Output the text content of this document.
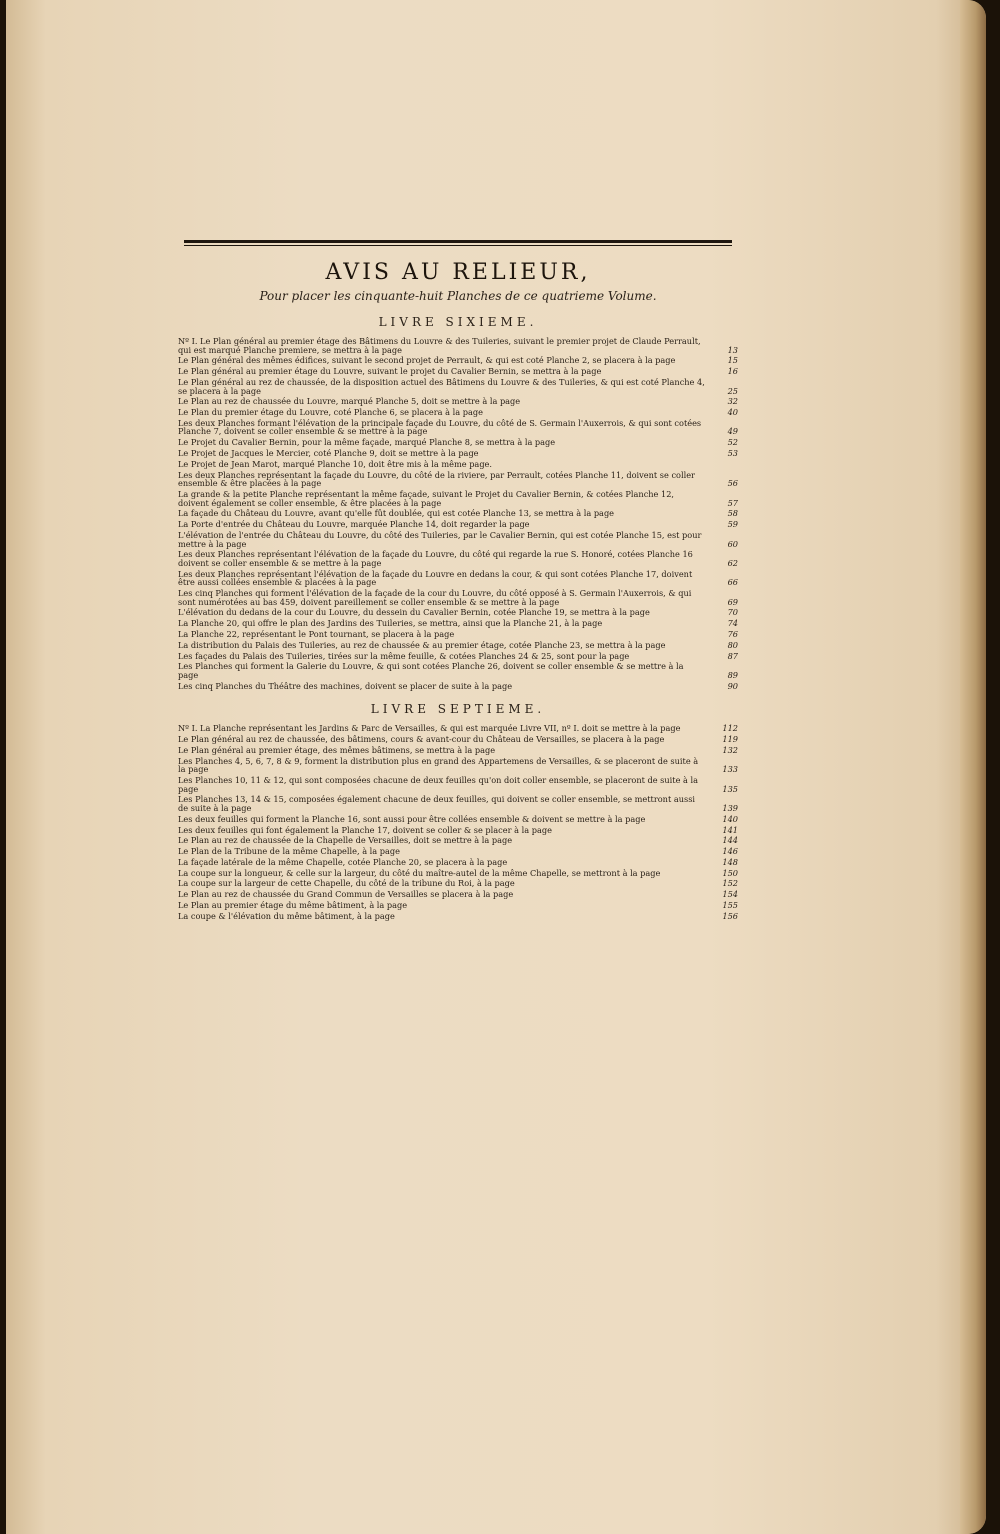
AVIS AU RELIEUR,
Pour placer les cinquante-huit Planches de ce quatrieme Volume.
LIVRE SIXIEME.
Nº I. Le Plan général au premier étage des Bâtimens du Louvre & des Tuileries, suivant le premier projet de Claude Perrault, qui est marqué Planche premiere, se mettra à la page	13
Le Plan général des mêmes édifices, suivant le second projet de Perrault, & qui est coté Planche 2, se placera à la page	15
Le Plan général au premier étage du Louvre, suivant le projet du Cavalier Bernin, se mettra à la page	16
Le Plan général au rez de chaussée, de la disposition actuel des Bâtimens du Louvre & des Tuileries, & qui est coté Planche 4, se placera à la page	25
Le Plan au rez de chaussée du Louvre, marqué Planche 5, doit se mettre à la page	32
Le Plan du premier étage du Louvre, coté Planche 6, se placera à la page	40
Les deux Planches formant l'élévation de la principale façade du Louvre, du côté de S. Germain l'Auxerrois, & qui sont cotées Planche 7, doivent se coller ensemble & se mettre à la page	49
Le Projet du Cavalier Bernin, pour la même façade, marqué Planche 8, se mettra à la page	52
Le Projet de Jacques le Mercier, coté Planche 9, doit se mettre à la page	53
Le Projet de Jean Marot, marqué Planche 10, doit être mis à la même page.
Les deux Planches représentant la façade du Louvre, du côté de la riviere, par Perrault, cotées Planche 11, doivent se coller ensemble & être placées à la page	56
La grande & la petite Planche représentant la même façade, suivant le Projet du Cavalier Bernin, & cotées Planche 12, doivent également se coller ensemble, & être placées à la page	57
La façade du Château du Louvre, avant qu'elle fût doublée, qui est cotée Planche 13, se mettra à la page	58
La Porte d'entrée du Château du Louvre, marquée Planche 14, doit regarder la page	59
L'élévation de l'entrée du Château du Louvre, du côté des Tuileries, par le Cavalier Bernin, qui est cotée Planche 15, est pour mettre à la page	60
Les deux Planches représentant l'élévation de la façade du Louvre, du côté qui regarde la rue S. Honoré, cotées Planche 16 doivent se coller ensemble & se mettre à la page	62
Les deux Planches représentant l'élévation de la façade du Louvre en dedans la cour, & qui sont cotées Planche 17, doivent être aussi collées ensemble & placées à la page	66
Les cinq Planches qui forment l'élévation de la façade de la cour du Louvre, du côté opposé à S. Germain l'Auxerrois, & qui sont numérotées au bas 459, doivent pareillement se coller ensemble & se mettre à la page	69
L'élévation du dedans de la cour du Louvre, du dessein du Cavalier Bernin, cotée Planche 19, se mettra à la page	70
La Planche 20, qui offre le plan des Jardins des Tuileries, se mettra, ainsi que la Planche 21, à la page	74
La Planche 22, représentant le Pont tournant, se placera à la page	76
La distribution du Palais des Tuileries, au rez de chaussée & au premier étage, cotée Planche 23, se mettra à la page	80
Les façades du Palais des Tuileries, tirées sur la même feuille, & cotées Planches 24 & 25, sont pour la page	87
Les Planches qui forment la Galerie du Louvre, & qui sont cotées Planche 26, doivent se coller ensemble & se mettre à la page	89
Les cinq Planches du Théâtre des machines, doivent se placer de suite à la page	90
LIVRE SEPTIEME.
Nº I. La Planche représentant les Jardins & Parc de Versailles, & qui est marquée Livre VII, nº I. doit se mettre à la page	112
Le Plan général au rez de chaussée, des bâtimens, cours & avant-cour du Château de Versailles, se placera à la page	119
Le Plan général au premier étage, des mêmes bâtimens, se mettra à la page	132
Les Planches 4, 5, 6, 7, 8 & 9, forment la distribution plus en grand des Appartemens de Versailles, & se placeront de suite à la page	133
Les Planches 10, 11 & 12, qui sont composées chacune de deux feuilles qu'on doit coller ensemble, se placeront de suite à la page	135
Les Planches 13, 14 & 15, composées également chacune de deux feuilles, qui doivent se coller ensemble, se mettront aussi de suite à la page	139
Les deux feuilles qui forment la Planche 16, sont aussi pour être collées ensemble & doivent se mettre à la page	140
Les deux feuilles qui font également la Planche 17, doivent se coller & se placer à la page	141
Le Plan au rez de chaussée de la Chapelle de Versailles, doit se mettre à la page	144
Le Plan de la Tribune de la même Chapelle, à la page	146
La façade latérale de la même Chapelle, cotée Planche 20, se placera à la page	148
La coupe sur la longueur, & celle sur la largeur, du côté du maître-autel de la même Chapelle, se mettront à la page	150
La coupe sur la largeur de cette Chapelle, du côté de la tribune du Roi, à la page	152
Le Plan au rez de chaussée du Grand Commun de Versailles se placera à la page	154
Le Plan au premier étage du même bâtiment, à la page	155
La coupe & l'élévation du même bâtiment, à la page	156
